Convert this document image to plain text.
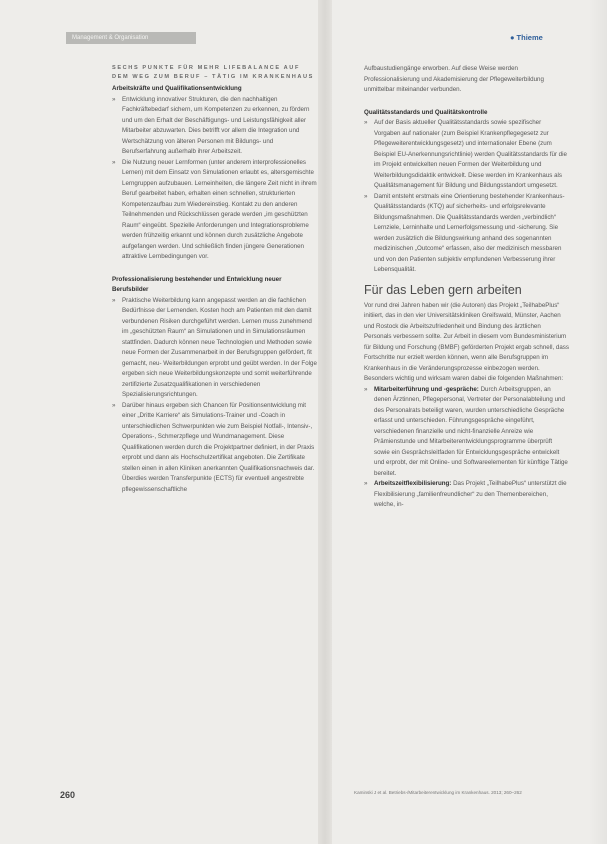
Management & Organisation	● Thieme
SECHS PUNKTE FÜR MEHR LIFEBALANCE AUF DEM WEG ZUM BERUF – TÄTIG IM KRANKENHAUS
Arbeitskräfte und Qualifikationsentwicklung
» Entwicklung innovativer Strukturen, die den nachhaltigen Fachkräftebedarf sichern, um Kompetenzen zu erkennen, zu fördern und um den Erhalt der Beschäftigungs- und Leistungsfähigkeit aller Mitarbeiter abzuwarten. Dies betrifft vor allem die Integration und Wertschätzung von älteren Personen mit Bildungs- und Berufserfahrung außerhalb ihrer Arbeitszeit.
» Die Nutzung neuer Lernformen (unter anderem interprofessionelles Lernen) mit dem Einsatz von Simulationen erlaubt es, altersgemischte Lerngruppen aufzubauen. Lerneinheiten, die längere Zeit nicht in ihrem Beruf gearbeitet haben, erhalten einen schnellen, strukturierten Kompetenzaufbau zum Wiedereinstieg. Kontakt zu den anderen Teilnehmenden und Rückschlüssen gerade werden „im geschützten Raum“ eingeübt. Spezielle Anforderungen und Integrationsprobleme werden frühzeitig erkannt und können durch zusätzliche Angebote aufgefangen werden. Und schließlich finden jüngere Generationen attraktive Lernbedingungen vor.
Professionalisierung bestehender und Entwicklung neuer Berufsbilder
» Praktische Weiterbildung kann angepasst werden an die fachlichen Bedürfnisse der Lernenden. Kosten hoch am Patienten mit den damit verbundenen Risiken durchgeführt werden. Lernen muss zunehmend im „geschützten Raum“ an Simulationen und in Simulationsräumen stattfinden. Dadurch können neue Technologien und Methoden sowie neue Formen der Zusammenarbeit in der Berufsgruppen gefördert, fit gemacht, neu- Weiterbildungen erprobt und geübt werden. In der Folge ergeben sich neue Weiterbildungskonzepte und somit weiterführende zertifizierte Zusatzqualifikationen in verschiedenen Spezialisierungsrichtungen.
» Darüber hinaus ergeben sich Chancen für Positionsentwicklung mit einer „Dritte Karriere“ als Simulations-Trainer und -Coach in unterschiedlichen Schwerpunkten wie zum Beispiel Notfall-, Intensiv-, Operations-, Schmerzpflege und Wundmanagement. Diese Qualifikationen werden durch die Projektpartner definiert, in der Praxis erprobt und dann als Hochschulzertifikat angeboten. Die Zertifikate stellen einen in allen Kliniken anerkannten Qualifikationsnachweis dar. Überdies werden Transferpunkte (ECTS) für eventuell angestrebte pflegewissenschaftliche

Aufbaustudiengänge erworben. Auf diese Weise werden Professionalisierung und Akademisierung der Pflegeweiterbildung unmittelbar miteinander verbunden.

Qualitätsstandards und Qualitätskontrolle
» Auf der Basis aktueller Qualitätsstandards sowie spezifischer Vorgaben auf nationaler (zum Beispiel Krankenpflegegesetz zur Pflegeweiterentwicklungsgesetz) und internationaler Ebene (zum Beispiel EU-Anerkennungsrichtlinie) werden Qualitätsstandards für die im Projekt entwickelten neuen Formen der Weiterbildung und Weiterbildungsdidaktik entwickelt. Diese werden im Krankenhaus als Qualitätsmanagement für Bildung und Bildungsstandort umgesetzt.
» Damit entsteht erstmals eine Orientierung bestehender Krankenhaus-Qualitätsstandards (KTQ) auf sicherheits- und erfolgsrelevante Bildungsmaßnahmen. Die Qualitätsstandards werden „verbindlich“ Lernziele, Lerninhalte und Lernerfolgsmessung und -sicherung. Sie werden zusätzlich die Bildungswirkung anhand des sogenannten medizinischen „Outcome“ erfassen, also der medizinisch messbaren und von den Patienten subjektiv empfundenen Verbesserung ihrer Lebensqualität.
Für das Leben gern arbeiten

Vor rund drei Jahren haben wir (die Autoren) das Projekt „TeilhabePlus“ initiiert, das in den vier Universitätskliniken Greifswald, Münster, Aachen und Rostock die Arbeitszufriedenheit und Bindung des ärztlichen Personals verbessern sollte. Zur Arbeit in diesem vom Bundesministerium für Bildung und Forschung (BMBF) geförderten Projekt ergab schnell, dass Fortschritte nur erzielt werden können, wenn alle Berufsgruppen im Krankenhaus in die Veränderungsprozesse einbezogen werden. Besonders wichtig und wirksam waren dabei die folgenden Maßnahmen:

» Mitarbeiterführung und -gespräche: Durch Arbeitsgruppen, an denen Ärztinnen, Pflegepersonal, Vertreter der Personalabteilung und des Personalrats beteiligt waren, wurden unterschiedliche Gespräche erfasst und unterschieden. Führungsgespräche eingeführt, verschiedenen finanzielle und nicht-finanzielle Anreize wie Prämienstunde und Mitarbeiterentwicklungsprogramme überprüft sowie ein Gesprächsleitfaden für Entwicklungsgespräche entwickelt und erprobt, der mit Online- und Softwareelementen für künftige Tätige bereitet.
» Arbeitszeitflexibilisierung: Das Projekt „TeilhabePlus“ unterstützt die Flexibilisierung „familienfreundlicher“ zu den Themenbereichen, welche, in-
260	Kaminski J et al. Betriebs-/Mitarbeiterentwicklung im Krankenhaus. 2013; 260–262
